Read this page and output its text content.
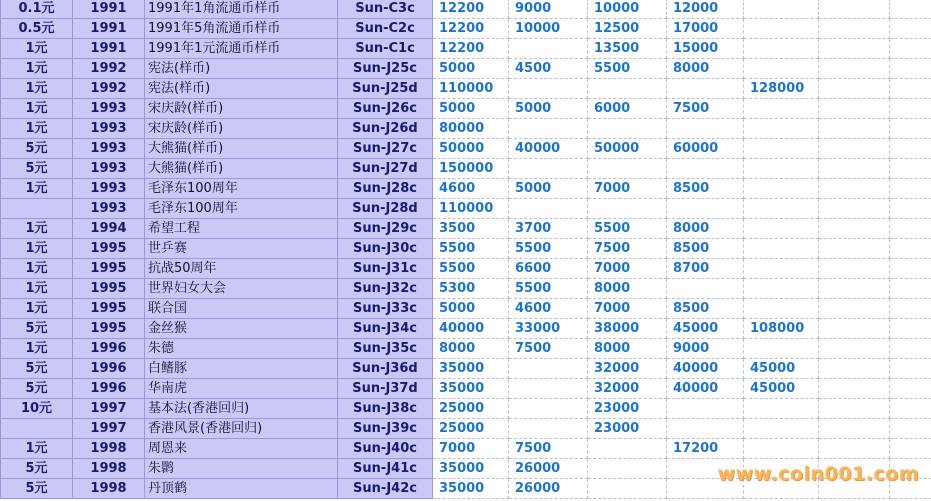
0.1元	1991	1991年1角流通币样币	Sun-C3c	12200	9000	10000	12000			
0.5元	1991	1991年5角流通币样币	Sun-C2c	12200	10000	12500	17000			
1元	1991	1991年1元流通币样币	Sun-C1c	12200		13500	15000			
1元	1992	宪法(样币)	Sun-J25c	5000	4500	5500	8000			
1元	1992	宪法(样币)	Sun-J25d	110000				128000		
1元	1993	宋庆龄(样币)	Sun-J26c	5000	5000	6000	7500			
1元	1993	宋庆龄(样币)	Sun-J26d	80000						
5元	1993	大熊猫(样币)	Sun-J27c	50000	40000	50000	60000			
5元	1993	大熊猫(样币)	Sun-J27d	150000						
1元	1993	毛泽东100周年	Sun-J28c	4600	5000	7000	8500			
	1993	毛泽东100周年	Sun-J28d	110000						
1元	1994	希望工程	Sun-J29c	3500	3700	5500	8000			
1元	1995	世乒赛	Sun-J30c	5500	5500	7500	8500			
1元	1995	抗战50周年	Sun-J31c	5500	6600	7000	8700			
1元	1995	世界妇女大会	Sun-J32c	5300	5500	8000				
1元	1995	联合国	Sun-J33c	5000	4600	7000	8500			
5元	1995	金丝猴	Sun-J34c	40000	33000	38000	45000	108000		
1元	1996	朱德	Sun-J35c	8000	7500	8000	9000			
5元	1996	白鳍豚	Sun-J36d	35000		32000	40000	45000		
5元	1996	华南虎	Sun-J37d	35000		32000	40000	45000		
10元	1997	基本法(香港回归)	Sun-J38c	25000		23000				
	1997	香港风景(香港回归)	Sun-J39c	25000		23000				
1元	1998	周恩来	Sun-J40c	7000	7500		17200			
5元	1998	朱鹮	Sun-J41c	35000	26000					
5元	1998	丹顶鹤	Sun-J42c	35000	26000					
www.coin001.com
